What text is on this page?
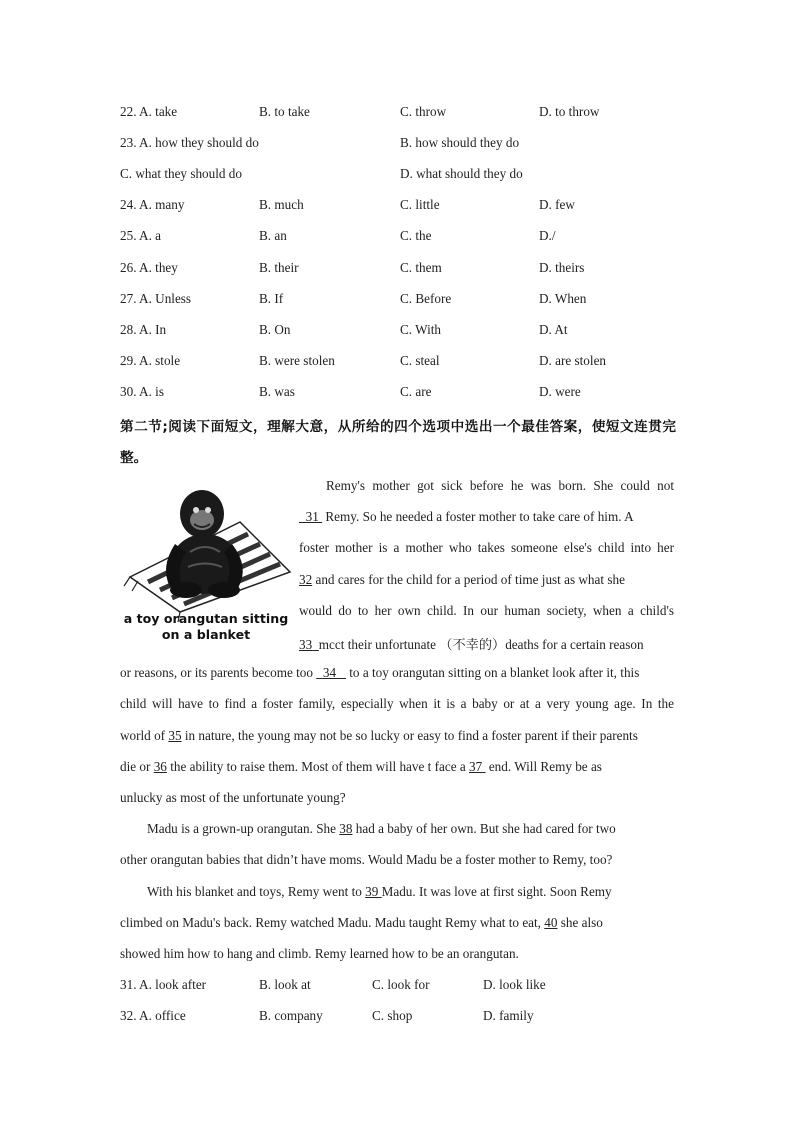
22. A. take	B. to take	C. throw	D. to throw
23. A. how they should do	B. how should they do
C. what they should do	D. what should they do
24. A. many	B. much	C. little	D. few
25. A. a	B. an	C. the	D./
26. A. they	B. their	C. them	D. theirs
27. A. Unless	B. If	C. Before	D. When
28. A. In	B. On	C. With	D. At
29. A. stole	B. were stolen	C. steal	D. are stolen
30. A. is	B. was	C. are	D. were
第二节;阅读下面短文，理解大意，从所给的四个选项中选出一个最佳答案，使短文连贯完整。
a toy orangutan sitting
on a blanket
Remy's mother got sick before he was born. She could not
31 Remy. So he needed a foster mother to take care of him. A
foster mother is a mother who takes someone else's child into her
32 and cares for the child for a period of time just as what she
would do to her own child. In our human society, when a child's
33 mcct their unfortunate （不幸的）deaths for a certain reason
or reasons, or its parents become too 34 to a toy orangutan sitting on a blanket look after it, this
child will have to find a foster family, especially when it is a baby or at a very young age. In the
world of 35 in nature, the young may not be so lucky or easy to find a foster parent if their parents
die or 36 the ability to raise them. Most of them will have t face a 37 end. Will Remy be as
unlucky as most of the unfortunate young?
Madu is a grown-up orangutan. She 38 had a baby of her own. But she had cared for two
other orangutan babies that didn’t have moms. Would Madu be a foster mother to Remy, too?
With his blanket and toys, Remy went to 39 Madu. It was love at first sight. Soon Remy
climbed on Madu's back. Remy watched Madu. Madu taught Remy what to eat, 40 she also
showed him how to hang and climb. Remy learned how to be an orangutan.
31. A. look after	B. look at	C. look for	D. look like
32. A. office	B. company	C. shop	D. family
